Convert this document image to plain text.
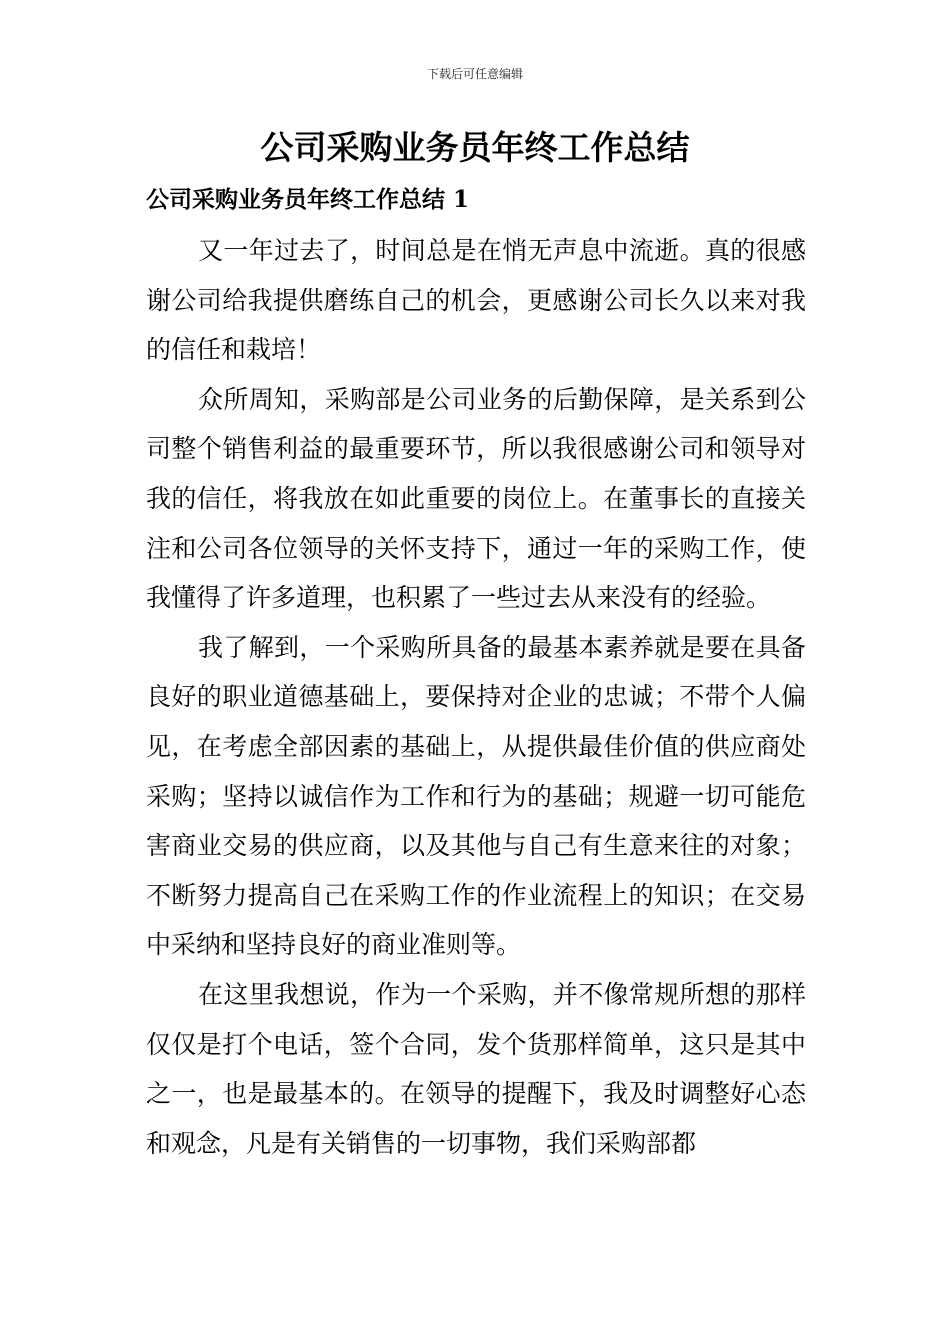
下载后可任意编辑
公司采购业务员年终工作总结
公司采购业务员年终工作总结 1

又一年过去了，时间总是在悄无声息中流逝。真的很感谢公司给我提供磨练自己的机会，更感谢公司长久以来对我的信任和栽培！

众所周知，采购部是公司业务的后勤保障，是关系到公司整个销售利益的最重要环节，所以我很感谢公司和领导对我的信任，将我放在如此重要的岗位上。在董事长的直接关注和公司各位领导的关怀支持下，通过一年的采购工作，使我懂得了许多道理，也积累了一些过去从来没有的经验。

我了解到，一个采购所具备的最基本素养就是要在具备良好的职业道德基础上，要保持对企业的忠诚；不带个人偏见，在考虑全部因素的基础上，从提供最佳价值的供应商处采购；坚持以诚信作为工作和行为的基础；规避一切可能危害商业交易的供应商，以及其他与自己有生意来往的对象；不断努力提高自己在采购工作的作业流程上的知识；在交易中采纳和坚持良好的商业准则等。

在这里我想说，作为一个采购，并不像常规所想的那样仅仅是打个电话，签个合同，发个货那样简单，这只是其中之一，也是最基本的。在领导的提醒下，我及时调整好心态和观念，凡是有关销售的一切事物，我们采购部都
